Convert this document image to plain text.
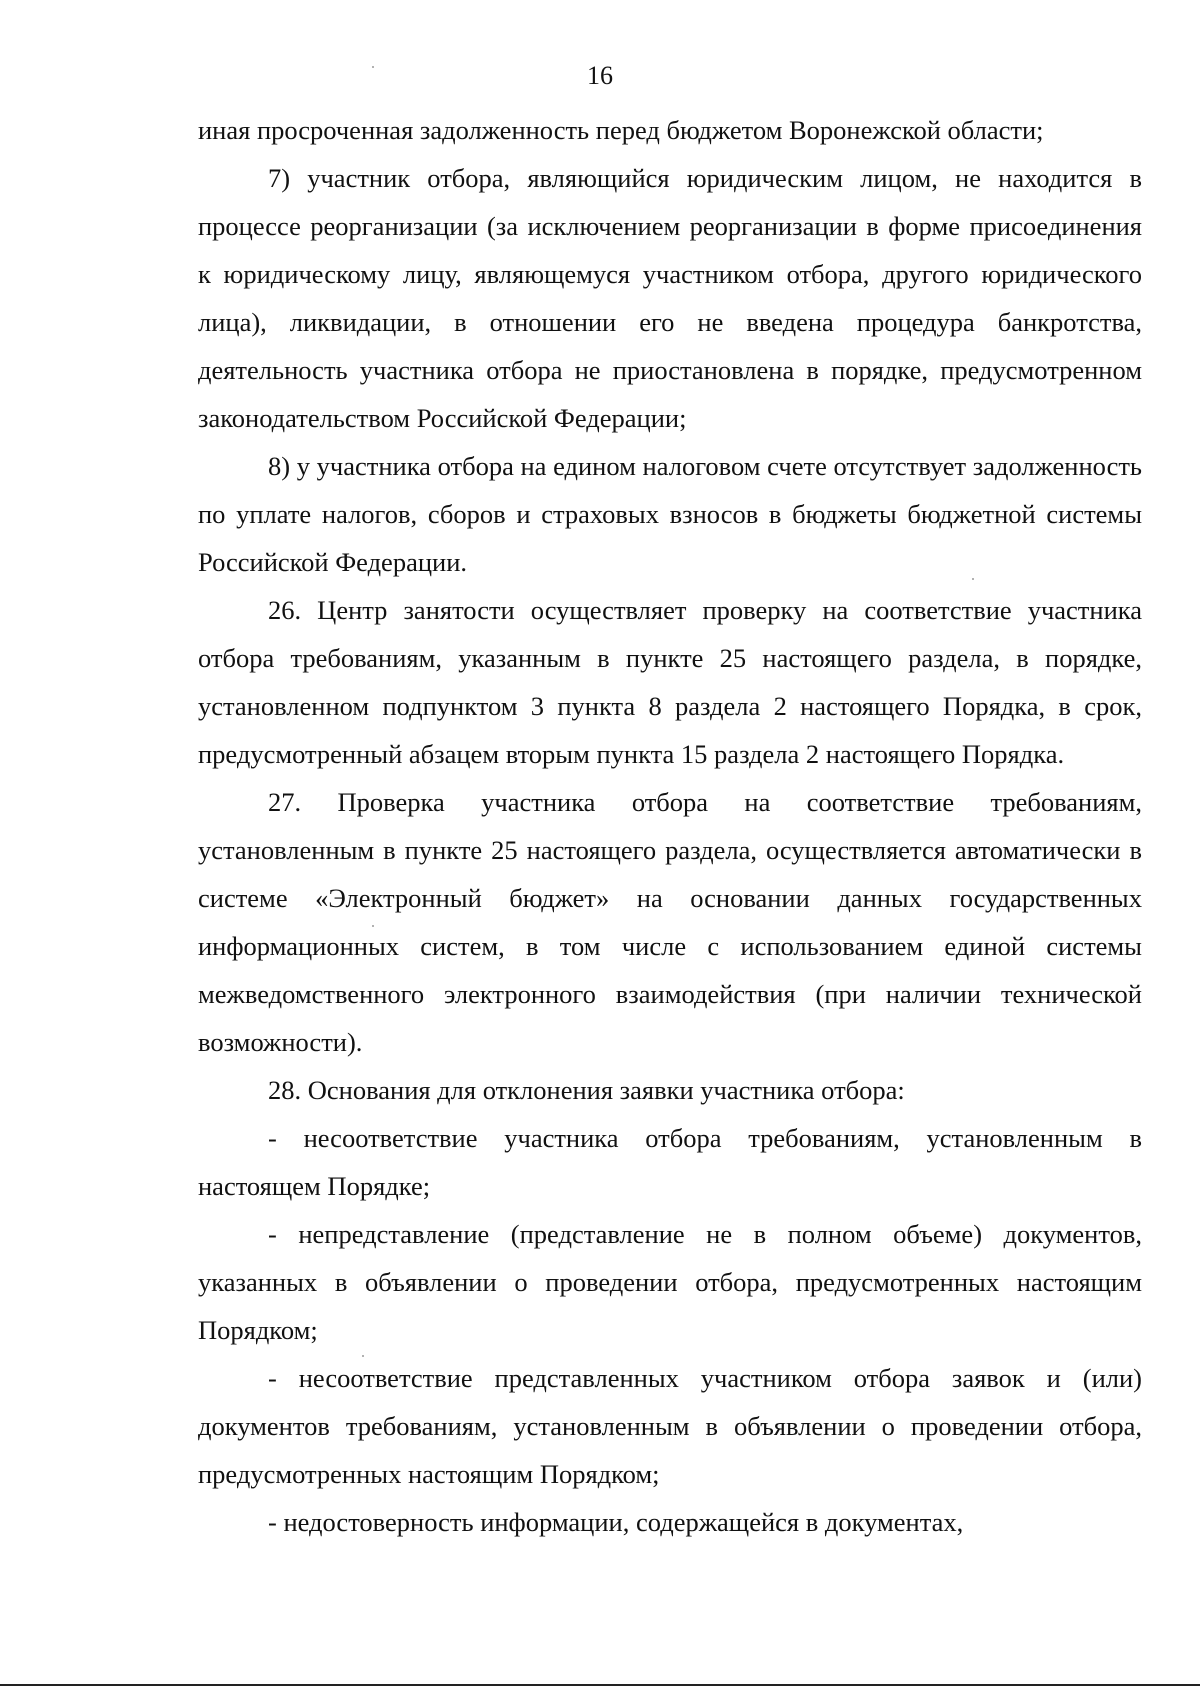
16

иная просроченная задолженность перед бюджетом Воронежской области;

7) участник отбора, являющийся юридическим лицом, не находится в процессе реорганизации (за исключением реорганизации в форме присоединения к юридическому лицу, являющемуся участником отбора, другого юридического лица), ликвидации, в отношении его не введена процедура банкротства, деятельность участника отбора не приостановлена в порядке, предусмотренном законодательством Российской Федерации;

8) у участника отбора на едином налоговом счете отсутствует задолженность по уплате налогов, сборов и страховых взносов в бюджеты бюджетной системы Российской Федерации.

26. Центр занятости осуществляет проверку на соответствие участника отбора требованиям, указанным в пункте 25 настоящего раздела, в порядке, установленном подпунктом 3 пункта 8 раздела 2 настоящего Порядка, в срок, предусмотренный абзацем вторым пункта 15 раздела 2 настоящего Порядка.

27. Проверка участника отбора на соответствие требованиям, установленным в пункте 25 настоящего раздела, осуществляется автоматически в системе «Электронный бюджет» на основании данных государственных информационных систем, в том числе с использованием единой системы межведомственного электронного взаимодействия (при наличии технической возможности).

28. Основания для отклонения заявки участника отбора:

- несоответствие участника отбора требованиям, установленным в настоящем Порядке;

- непредставление (представление не в полном объеме) документов, указанных в объявлении о проведении отбора, предусмотренных настоящим Порядком;

- несоответствие представленных участником отбора заявок и (или) документов требованиям, установленным в объявлении о проведении отбора, предусмотренных настоящим Порядком;

- недостоверность информации, содержащейся в документах,
